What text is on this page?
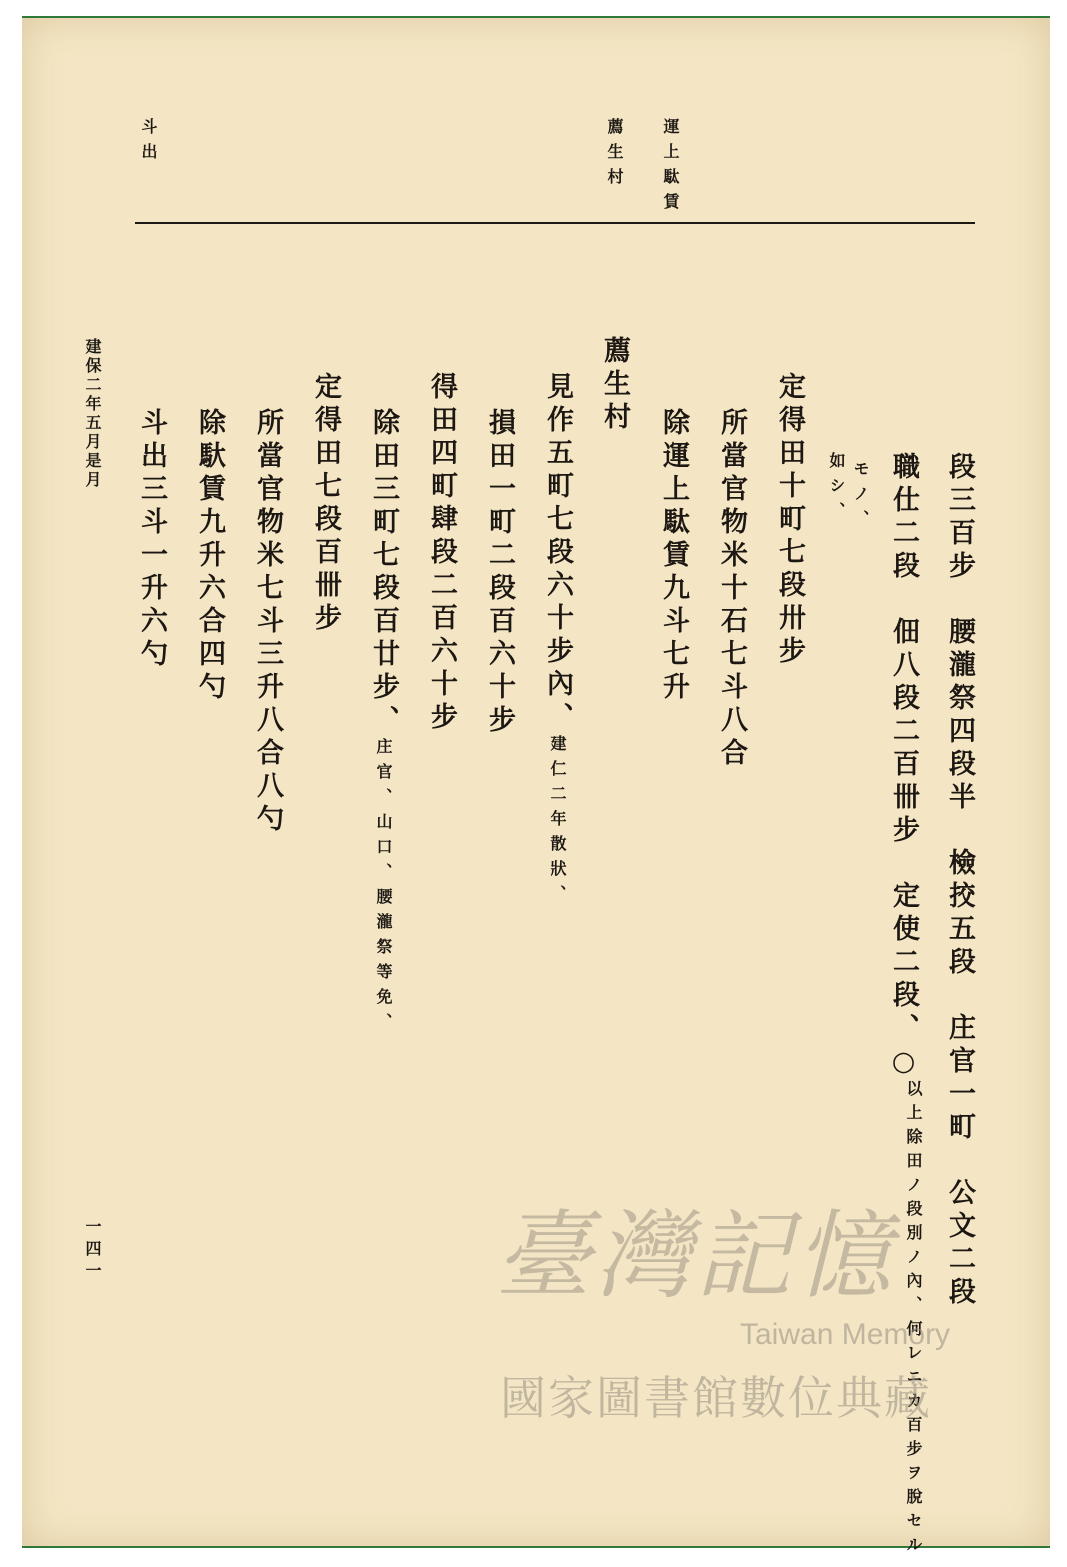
運上駄賃
薦生村
斗出
段三百步　腰瀧祭四段半　檢挍五段　庄官一町　公文二段
以上除田ノ段別ノ內、何レニカ百步ヲ脫セル
職仕二段　佃八段二百卌步　定使二段、○
モノ、
如シ、
定得田十町七段卅步
所當官物米十石七斗八合
除運上駄賃九斗七升
薦生村
見作五町七段六十步內、建仁二年散狀、
損田一町二段百六十步
得田四町肆段二百六十步
除田三町七段百廿步、庄官、山口、腰瀧祭等免、
定得田七段百卌步
所當官物米七斗三升八合八勺
除馱賃九升六合四勺
斗出三斗一升六勺
建保二年五月是月
一四一	臺灣記憶
Taiwan Memory
國家圖書館數位典藏
